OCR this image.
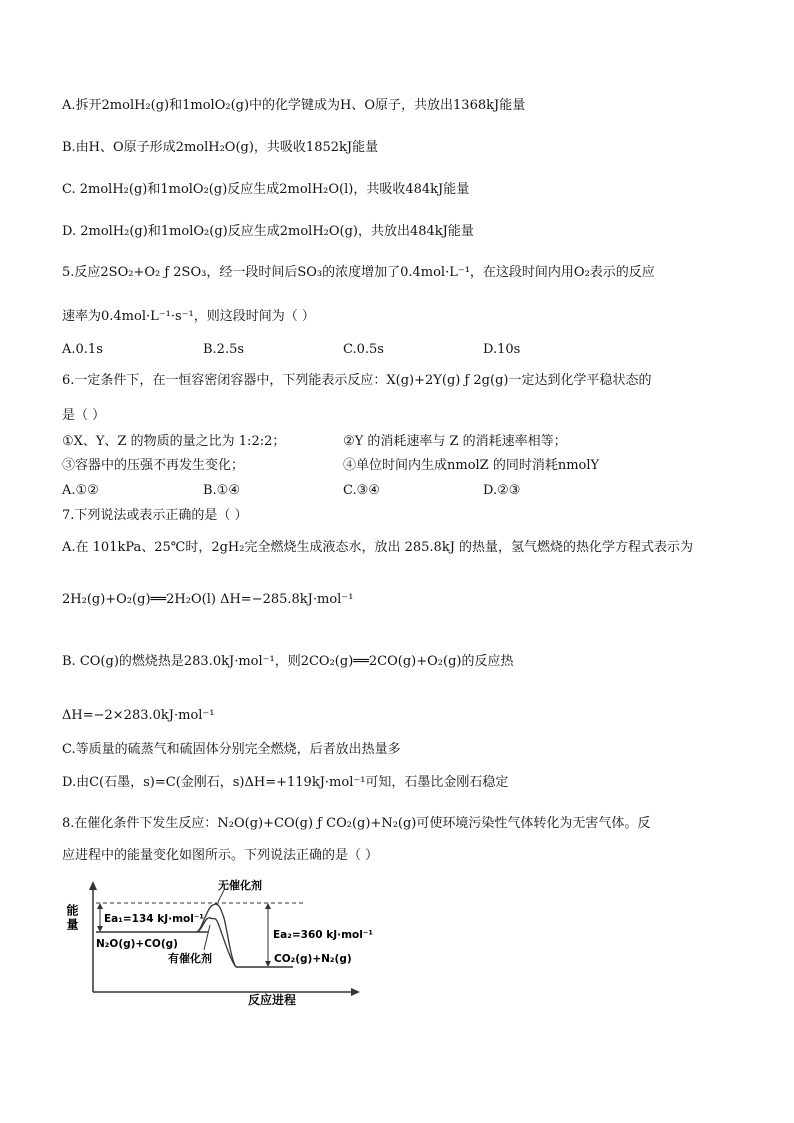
A.拆开2molH₂(g)和1molO₂(g)中的化学键成为H、O原子，共放出1368kJ能量
B.由H、O原子形成2molH₂O(g)，共吸收1852kJ能量
C. 2molH₂(g)和1molO₂(g)反应生成2molH₂O(l)，共吸收484kJ能量
D. 2molH₂(g)和1molO₂(g)反应生成2molH₂O(g)，共放出484kJ能量
5.反应2SO₂+O₂ ƒ 2SO₃，经一段时间后SO₃的浓度增加了0.4mol·L⁻¹，在这段时间内用O₂表示的反应
速率为0.4mol·L⁻¹·s⁻¹，则这段时间为（ ）
A.0.1s	B.2.5s	C.0.5s	D.10s
6.一定条件下，在一恒容密闭容器中，下列能表示反应：X(g)+2Y(g) ƒ 2g(g)一定达到化学平稳状态的
是（ ）
①X、Y、Z 的物质的量之比为 1:2:2；	②Y 的消耗速率与 Z 的消耗速率相等；
③容器中的压强不再发生变化；	④单位时间内生成nmolZ 的同时消耗nmolY
A.①②	B.①④	C.③④	D.②③
7.下列说法或表示正确的是（ ）
A.在 101kPa、25℃时，2gH₂完全燃烧生成液态水，放出 285.8kJ 的热量，氢气燃烧的热化学方程式表示为
2H₂(g)+O₂(g)══2H₂O(l) ΔH=−285.8kJ·mol⁻¹
B. CO(g)的燃烧热是283.0kJ·mol⁻¹，则2CO₂(g)══2CO(g)+O₂(g)的反应热
ΔH=−2×283.0kJ·mol⁻¹
C.等质量的硫蒸气和硫固体分别完全燃烧，后者放出热量多
D.由C(石墨，s)=C(金刚石，s)ΔH=+119kJ·mol⁻¹可知，石墨比金刚石稳定
8.在催化条件下发生反应：N₂O(g)+CO(g) ƒ CO₂(g)+N₂(g)可使环境污染性气体转化为无害气体。反
应进程中的能量变化如图所示。下列说法正确的是（ ）
能量 Ea₁=134 kJ·mol⁻¹
N₂O(g)+CO(g)
无催化剂
有催化剂
Ea₂=360 kJ·mol⁻¹
CO₂(g)+N₂(g)
反应进程
